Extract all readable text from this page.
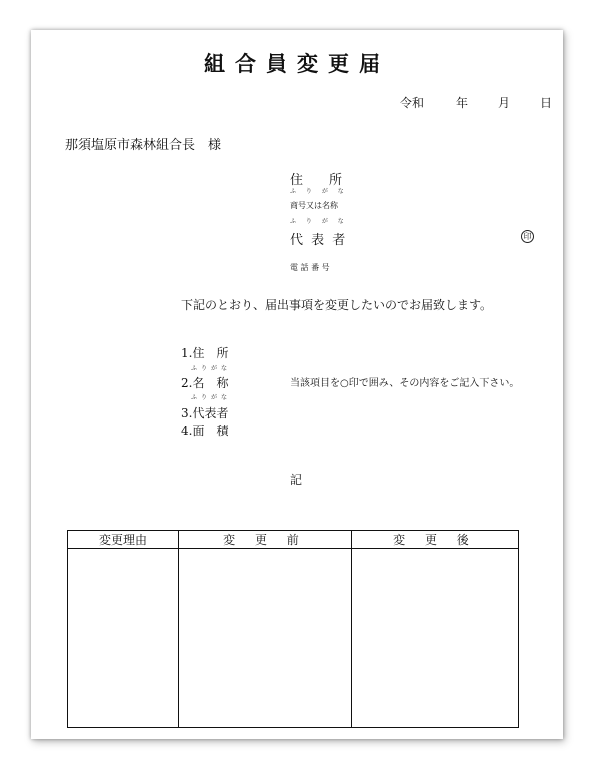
組合員変更届
令和	年 月 日
那須塩原市森林組合長　様
住　　所
ふ り が な
商号又は名称
ふ り が な
代 表 者	印
電 話 番 号
下記のとおり、届出事項を変更したいのでお届致します。
1.住　所
ふりがな
2.名　称
ふりがな
3.代表者
4.面　積
当該項目を○印で囲み、その内容をご記入下さい。
記
変更理由	変 更 前	変 更 後
